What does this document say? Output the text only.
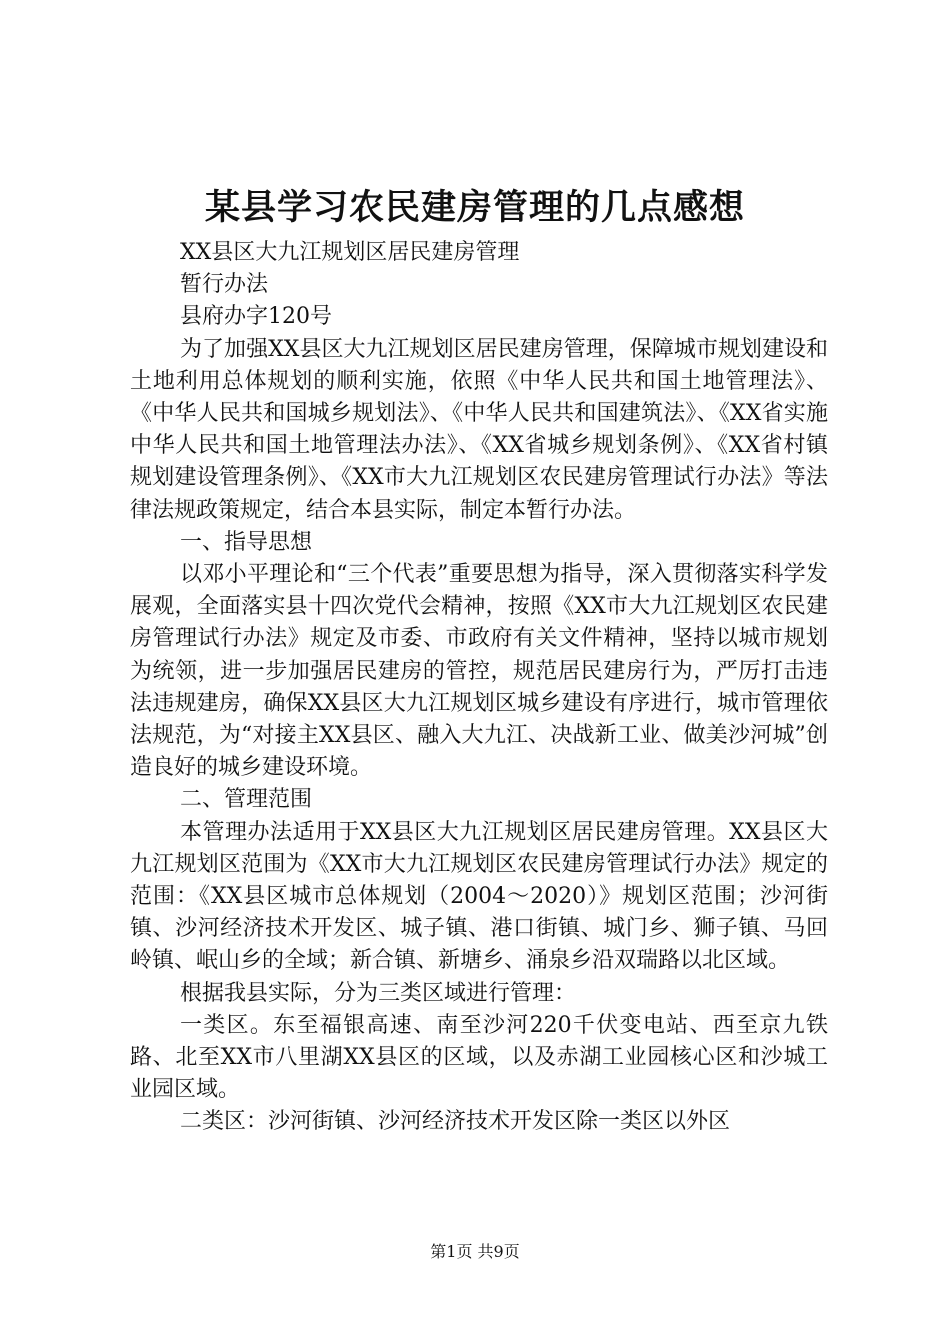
某县学习农民建房管理的几点感想

XX县区大九江规划区居民建房管理

暂行办法

县府办字120号

为了加强XX县区大九江规划区居民建房管理，保障城市规划建设和土地利用总体规划的顺利实施，依照《中华人民共和国土地管理法》、《中华人民共和国城乡规划法》、《中华人民共和国建筑法》、《XX省实施中华人民共和国土地管理法办法》、《XX省城乡规划条例》、《XX省村镇规划建设管理条例》、《XX市大九江规划区农民建房管理试行办法》等法律法规政策规定，结合本县实际，制定本暂行办法。

一、指导思想

以邓小平理论和“三个代表”重要思想为指导，深入贯彻落实科学发展观，全面落实县十四次党代会精神，按照《XX市大九江规划区农民建房管理试行办法》规定及市委、市政府有关文件精神，坚持以城市规划为统领，进一步加强居民建房的管控，规范居民建房行为，严厉打击违法违规建房，确保XX县区大九江规划区城乡建设有序进行，城市管理依法规范，为“对接主XX县区、融入大九江、决战新工业、做美沙河城”创造良好的城乡建设环境。

二、管理范围

本管理办法适用于XX县区大九江规划区居民建房管理。XX县区大九江规划区范围为《XX市大九江规划区农民建房管理试行办法》规定的范围：《XX县区城市总体规划（2004～2020）》规划区范围；沙河街镇、沙河经济技术开发区、城子镇、港口街镇、城门乡、狮子镇、马回岭镇、岷山乡的全域；新合镇、新塘乡、涌泉乡沿双瑞路以北区域。

根据我县实际，分为三类区域进行管理：

一类区。东至福银高速、南至沙河220千伏变电站、西至京九铁路、北至XX市八里湖XX县区的区域，以及赤湖工业园核心区和沙城工业园区域。

二类区：沙河街镇、沙河经济技术开发区除一类区以外区

第1页 共9页
